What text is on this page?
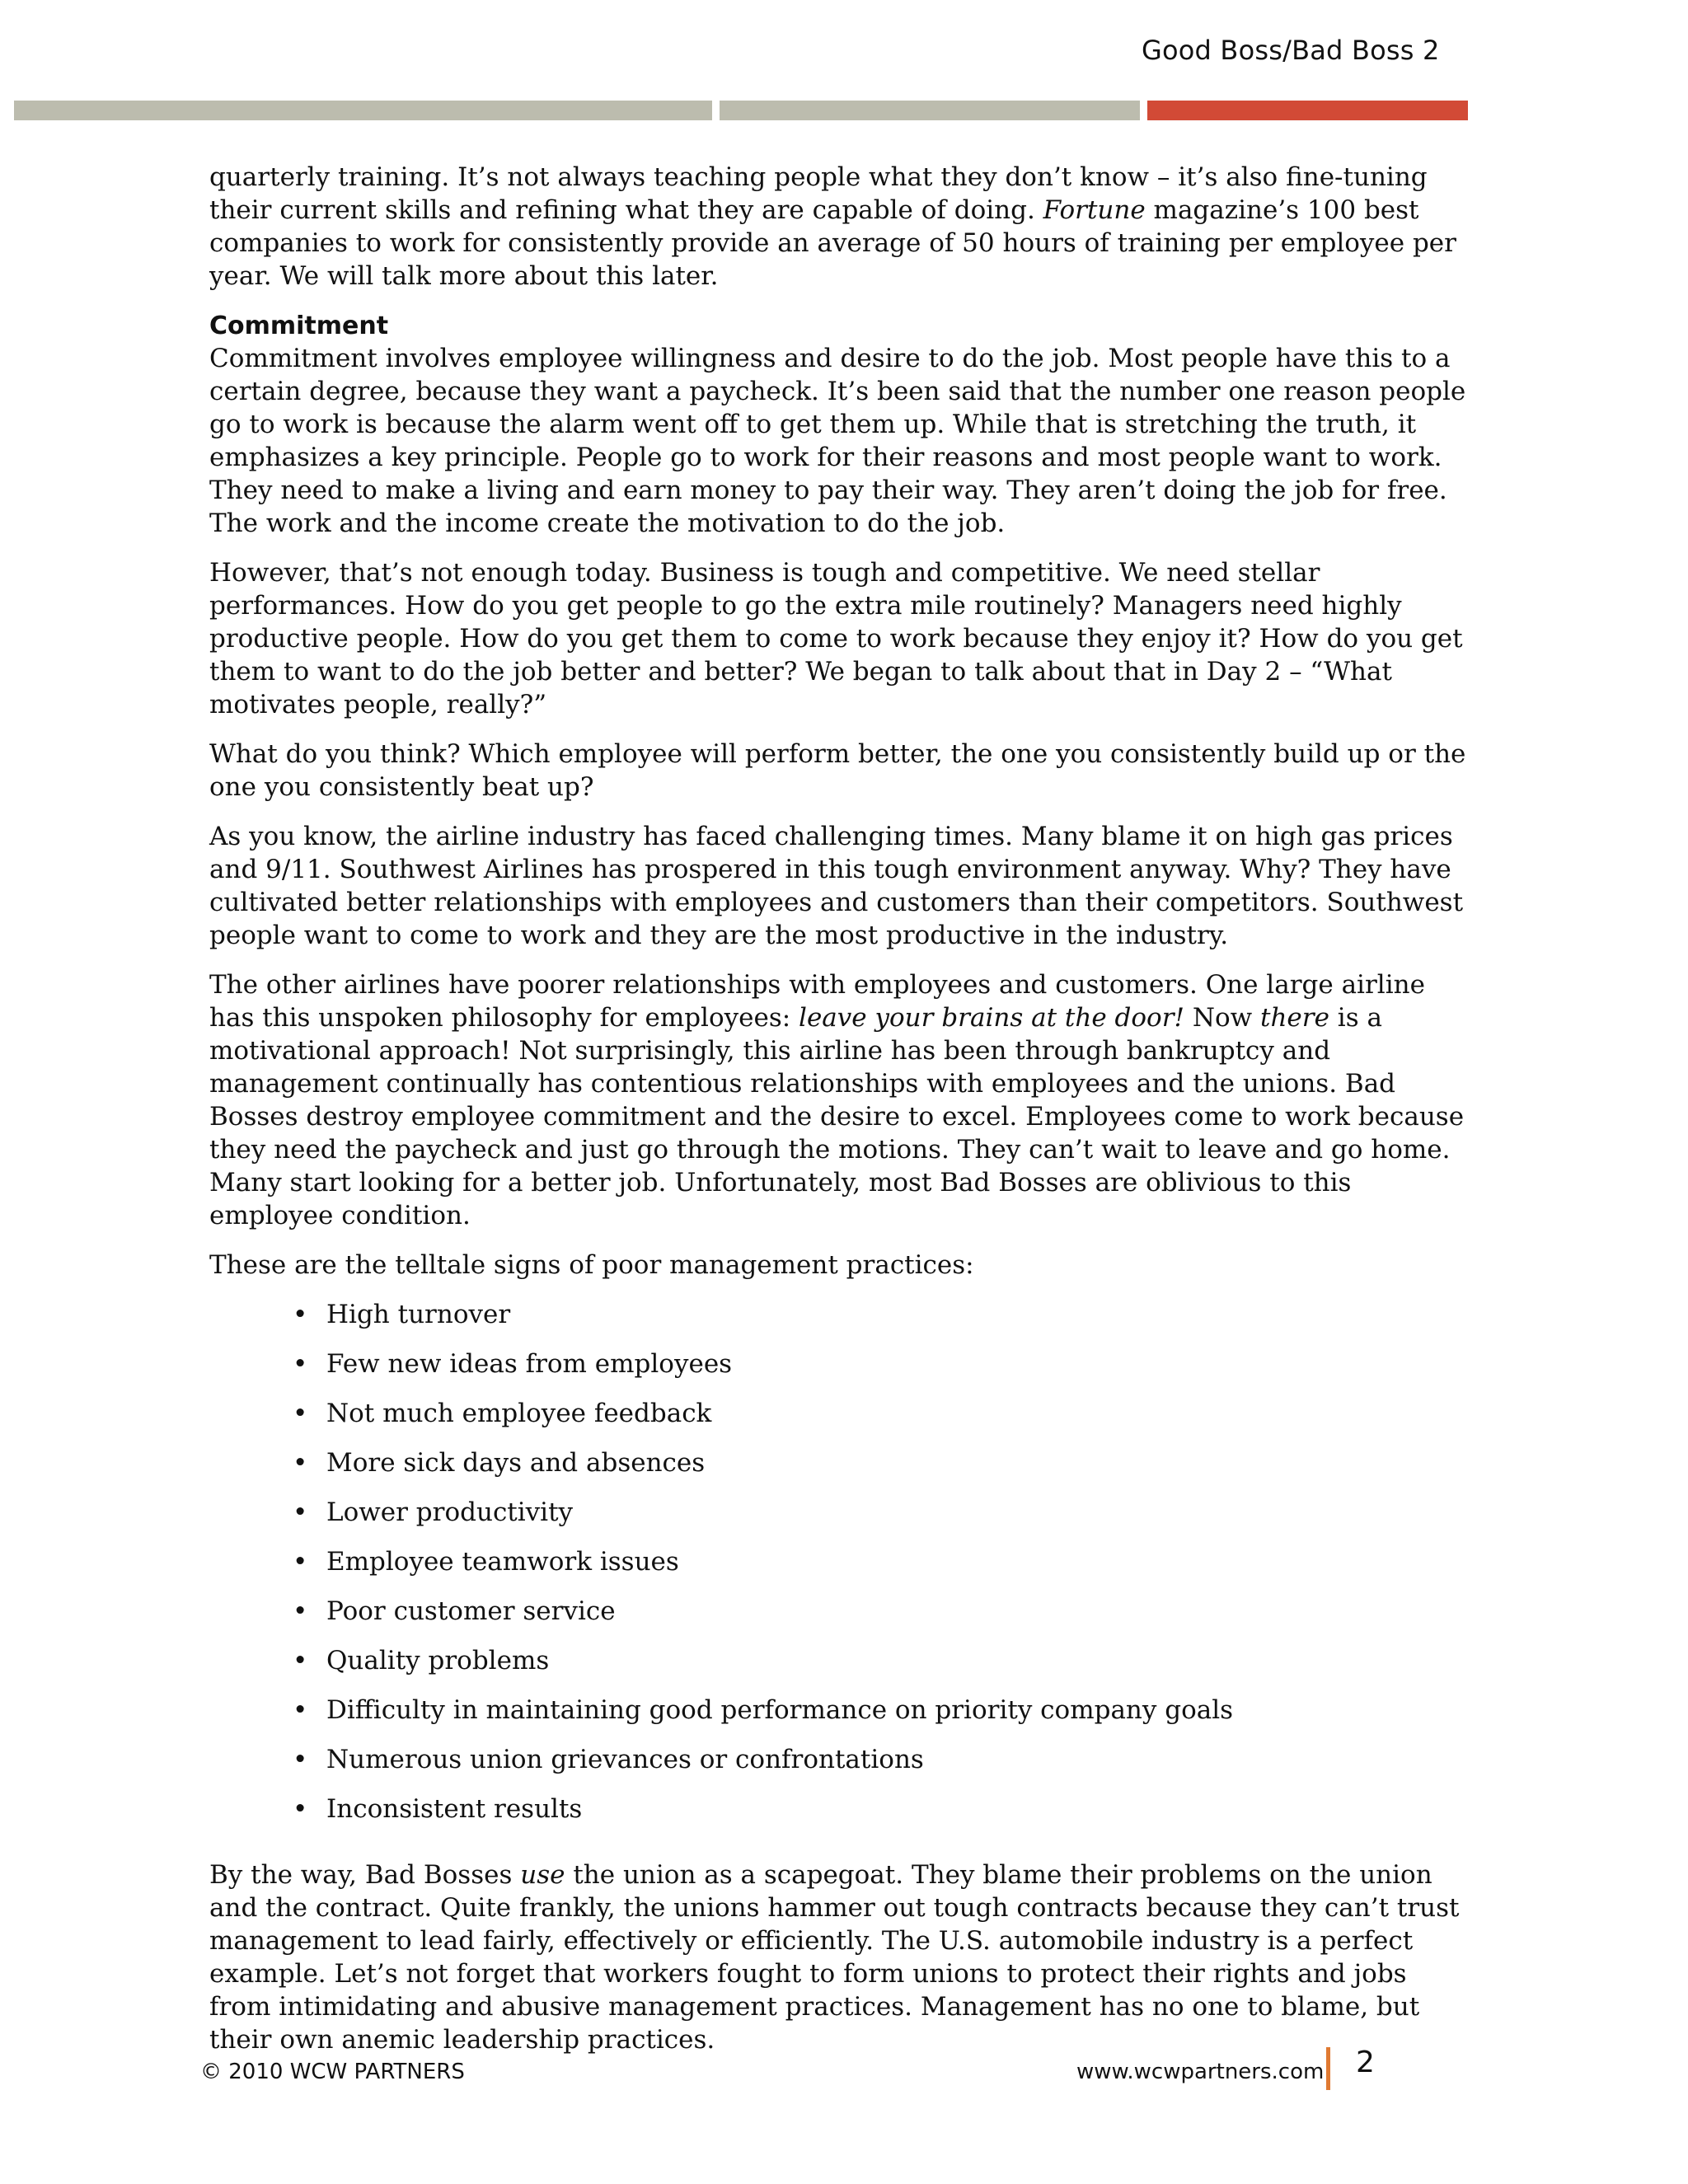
Good Boss/Bad Boss 2

quarterly training. It’s not always teaching people what they don’t know – it’s also fine-tuning their current skills and refining what they are capable of doing. Fortune magazine’s 100 best companies to work for consistently provide an average of 50 hours of training per employee per year. We will talk more about this later.

Commitment

Commitment involves employee willingness and desire to do the job. Most people have this to a certain degree, because they want a paycheck. It’s been said that the number one reason people go to work is because the alarm went off to get them up. While that is stretching the truth, it emphasizes a key principle. People go to work for their reasons and most people want to work. They need to make a living and earn money to pay their way. They aren’t doing the job for free. The work and the income create the motivation to do the job.

However, that’s not enough today. Business is tough and competitive. We need stellar performances. How do you get people to go the extra mile routinely? Managers need highly productive people. How do you get them to come to work because they enjoy it? How do you get them to want to do the job better and better? We began to talk about that in Day 2 – “What motivates people, really?”

What do you think? Which employee will perform better, the one you consistently build up or the one you consistently beat up?

As you know, the airline industry has faced challenging times. Many blame it on high gas prices and 9/11. Southwest Airlines has prospered in this tough environment anyway. Why? They have cultivated better relationships with employees and customers than their competitors. Southwest people want to come to work and they are the most productive in the industry.

The other airlines have poorer relationships with employees and customers. One large airline has this unspoken philosophy for employees: leave your brains at the door! Now there is a motivational approach! Not surprisingly, this airline has been through bankruptcy and management continually has contentious relationships with employees and the unions. Bad Bosses destroy employee commitment and the desire to excel. Employees come to work because they need the paycheck and just go through the motions. They can’t wait to leave and go home. Many start looking for a better job. Unfortunately, most Bad Bosses are oblivious to this employee condition.

These are the telltale signs of poor management practices:

• High turnover
• Few new ideas from employees
• Not much employee feedback
• More sick days and absences
• Lower productivity
• Employee teamwork issues
• Poor customer service
• Quality problems
• Difficulty in maintaining good performance on priority company goals
• Numerous union grievances or confrontations
• Inconsistent results

By the way, Bad Bosses use the union as a scapegoat. They blame their problems on the union and the contract. Quite frankly, the unions hammer out tough contracts because they can’t trust management to lead fairly, effectively or efficiently. The U.S. automobile industry is a perfect example. Let’s not forget that workers fought to form unions to protect their rights and jobs from intimidating and abusive management practices. Management has no one to blame, but their own anemic leadership practices.

© 2010 WCW PARTNERS	www.wcwpartners.com 2
